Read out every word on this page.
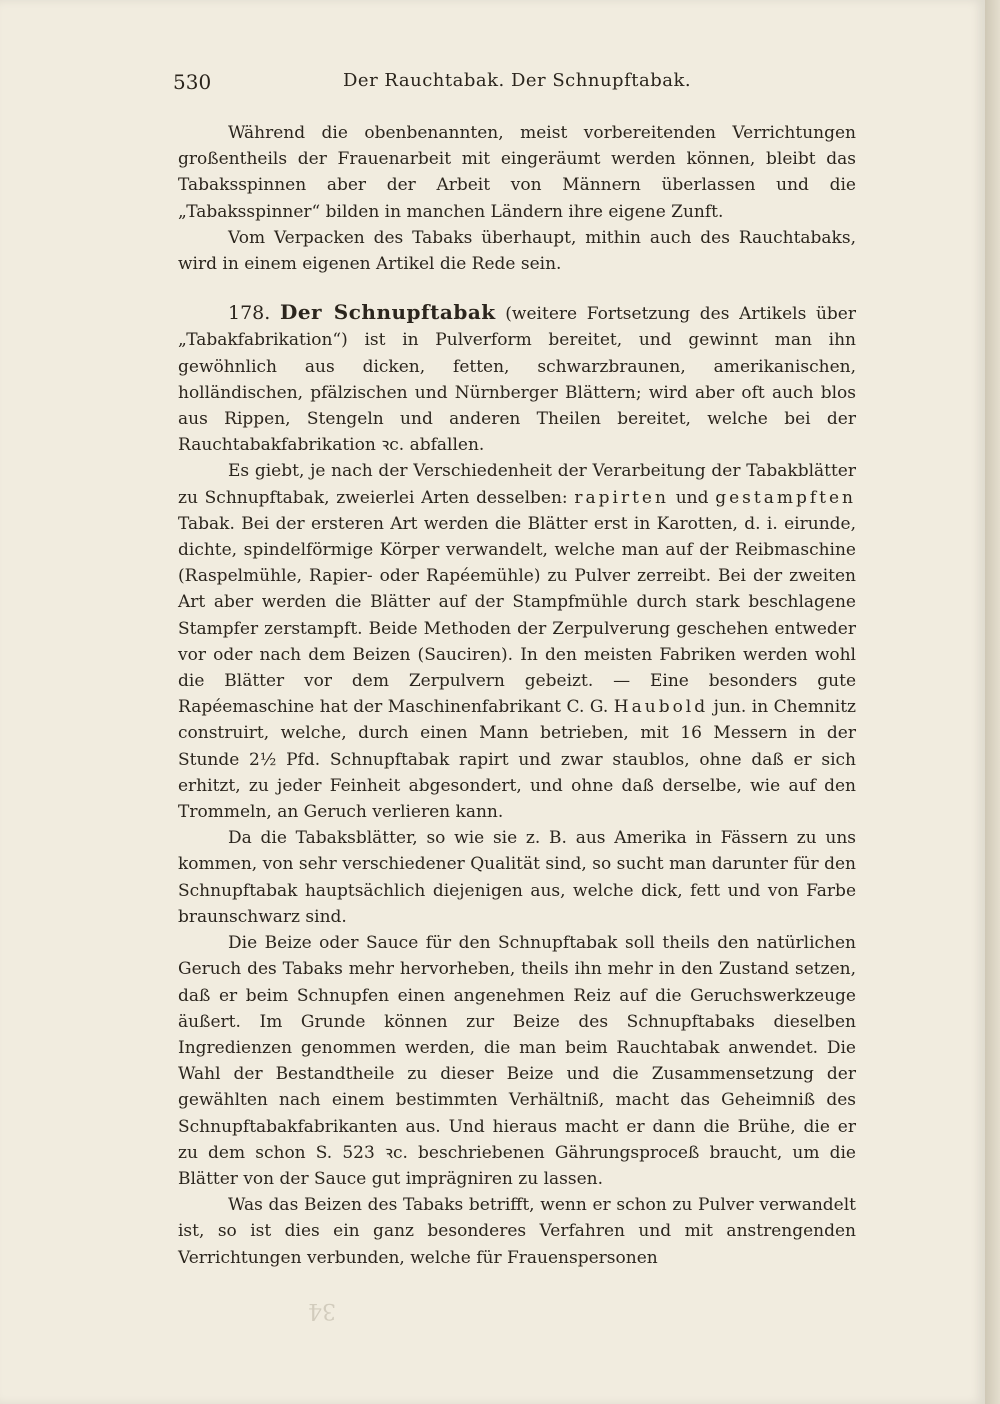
530	Der Rauchtabak. Der Schnupftabak.

Während die obenbenannten, meist vorbereitenden Verrichtungen großentheils der Frauenarbeit mit eingeräumt werden können, bleibt das Tabaksspinnen aber der Arbeit von Männern überlassen und die „Tabaksspinner“ bilden in manchen Ländern ihre eigene Zunft.

Vom Verpacken des Tabaks überhaupt, mithin auch des Rauchtabaks, wird in einem eigenen Artikel die Rede sein.

178. Der Schnupftabak (weitere Fortsetzung des Artikels über „Tabakfabrikation“) ist in Pulverform bereitet, und gewinnt man ihn gewöhnlich aus dicken, fetten, schwarzbraunen, amerikanischen, holländischen, pfälzischen und Nürnberger Blättern; wird aber oft auch blos aus Rippen, Stengeln und anderen Theilen bereitet, welche bei der Rauchtabakfabrikation ꝛc. abfallen.

Es giebt, je nach der Verschiedenheit der Verarbeitung der Tabakblätter zu Schnupftabak, zweierlei Arten desselben: rapirten und gestampften Tabak. Bei der ersteren Art werden die Blätter erst in Karotten, d. i. eirunde, dichte, spindelförmige Körper verwandelt, welche man auf der Reibmaschine (Raspelmühle, Rapier- oder Rapéemühle) zu Pulver zerreibt. Bei der zweiten Art aber werden die Blätter auf der Stampfmühle durch stark beschlagene Stampfer zerstampft. Beide Methoden der Zerpulverung geschehen entweder vor oder nach dem Beizen (Sauciren). In den meisten Fabriken werden wohl die Blätter vor dem Zerpulvern gebeizt. — Eine besonders gute Rapéemaschine hat der Maschinenfabrikant C. G. Haubold jun. in Chemnitz construirt, welche, durch einen Mann betrieben, mit 16 Messern in der Stunde 2½ Pfd. Schnupftabak rapirt und zwar staublos, ohne daß er sich erhitzt, zu jeder Feinheit abgesondert, und ohne daß derselbe, wie auf den Trommeln, an Geruch verlieren kann.

Da die Tabaksblätter, so wie sie z. B. aus Amerika in Fässern zu uns kommen, von sehr verschiedener Qualität sind, so sucht man darunter für den Schnupftabak hauptsächlich diejenigen aus, welche dick, fett und von Farbe braunschwarz sind.

Die Beize oder Sauce für den Schnupftabak soll theils den natürlichen Geruch des Tabaks mehr hervorheben, theils ihn mehr in den Zustand setzen, daß er beim Schnupfen einen angenehmen Reiz auf die Geruchswerkzeuge äußert. Im Grunde können zur Beize des Schnupftabaks dieselben Ingredienzen genommen werden, die man beim Rauchtabak anwendet. Die Wahl der Bestandtheile zu dieser Beize und die Zusammensetzung der gewählten nach einem bestimmten Verhältniß, macht das Geheimniß des Schnupftabakfabrikanten aus. Und hieraus macht er dann die Brühe, die er zu dem schon S. 523 ꝛc. beschriebenen Gährungsproceß braucht, um die Blätter von der Sauce gut imprägniren zu lassen.

Was das Beizen des Tabaks betrifft, wenn er schon zu Pulver verwandelt ist, so ist dies ein ganz besonderes Verfahren und mit anstrengenden Verrichtungen verbunden, welche für Frauenspersonen

34
